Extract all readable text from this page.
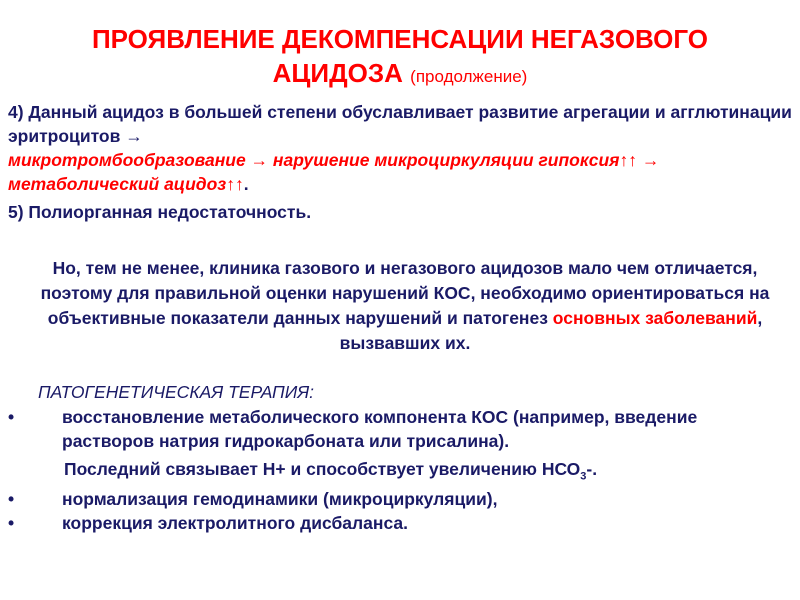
ПРОЯВЛЕНИЕ ДЕКОМПЕНСАЦИИ НЕГАЗОВОГО
АЦИДОЗА (продолжение)
4) Данный ацидоз в большей степени обуславливает развитие агрегации и агглютинации эритроцитов →
микротромбообразование → нарушение микроциркуляции гипоксия↑↑ → метаболический ацидоз↑↑.
5) Полиорганная недостаточность.
Но, тем не менее, клиника газового и негазового ацидозов мало чем отличается, поэтому для правильной оценки нарушений КОС, необходимо ориентироваться на объективные показатели данных нарушений и патогенез основных заболеваний, вызвавших их.
ПАТОГЕНЕТИЧЕСКАЯ ТЕРАПИЯ:
•	восстановление метаболического компонента КОС (например, введение растворов натрия гидрокарбоната или трисалина).
Последний связывает Н+ и способствует увеличению $НСО_3-$.
•	нормализация гемодинамики (микроциркуляции),
•	коррекция электролитного дисбаланса.
